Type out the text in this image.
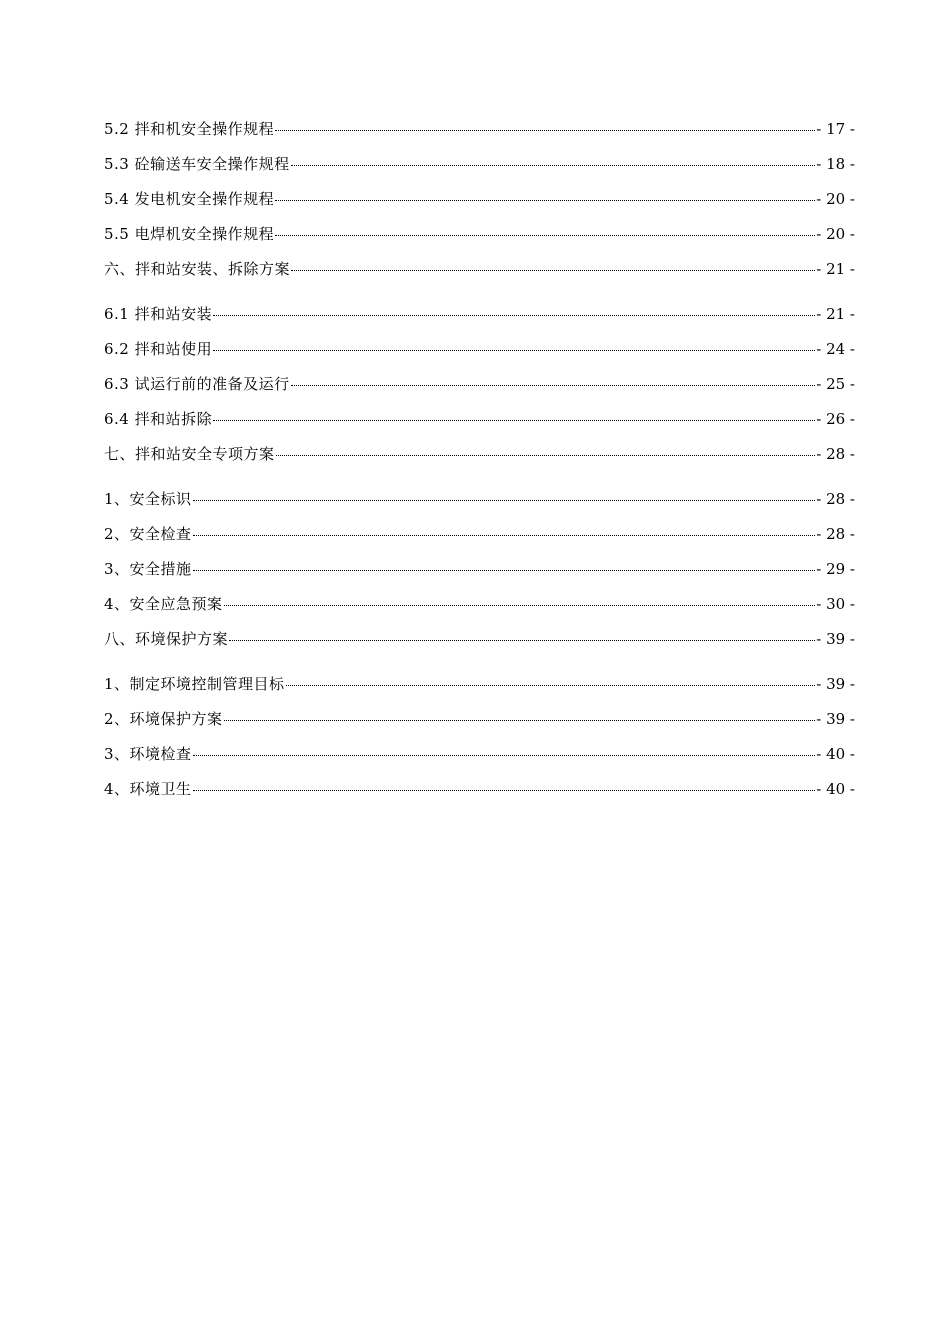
5.2 拌和机安全操作规程	- 17 -
5.3 砼输送车安全操作规程	- 18 -
5.4 发电机安全操作规程	- 20 -
5.5 电焊机安全操作规程	- 20 -
六、拌和站安装、拆除方案	- 21 -
6.1 拌和站安装	- 21 -
6.2 拌和站使用	- 24 -
6.3 试运行前的准备及运行	- 25 -
6.4 拌和站拆除	- 26 -
七、拌和站安全专项方案	- 28 -
1、安全标识	- 28 -
2、安全检查	- 28 -
3、安全措施	- 29 -
4、安全应急预案	- 30 -
八、环境保护方案	- 39 -
1、制定环境控制管理目标	- 39 -
2、环境保护方案	- 39 -
3、环境检查	- 40 -
4、环境卫生	- 40 -
